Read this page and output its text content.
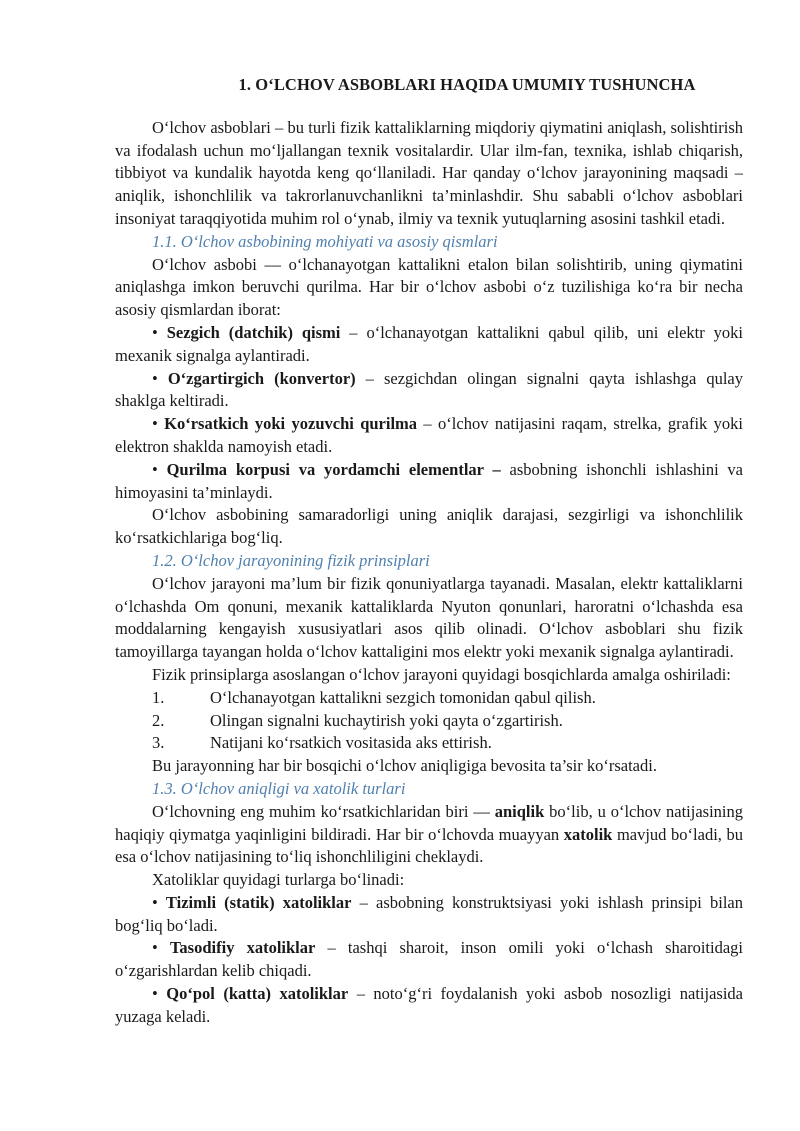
1. O‘LCHOV ASBOBLARI HAQIDA UMUMIY TUSHUNCHA

O‘lchov asboblari – bu turli fizik kattaliklarning miqdoriy qiymatini aniqlash, solishtirish va ifodalash uchun mo‘ljallangan texnik vositalardir. Ular ilm-fan, texnika, ishlab chiqarish, tibbiyot va kundalik hayotda keng qo‘llaniladi. Har qanday o‘lchov jarayonining maqsadi – aniqlik, ishonchlilik va takrorlanuvchanlikni ta’minlashdir. Shu sababli o‘lchov asboblari insoniyat taraqqiyotida muhim rol o‘ynab, ilmiy va texnik yutuqlarning asosini tashkil etadi.

1.1. O‘lchov asbobining mohiyati va asosiy qismlari

O‘lchov asbobi — o‘lchanayotgan kattalikni etalon bilan solishtirib, uning qiymatini aniqlashga imkon beruvchi qurilma. Har bir o‘lchov asbobi o‘z tuzilishiga ko‘ra bir necha asosiy qismlardan iborat:

• Sezgich (datchik) qismi – o‘lchanayotgan kattalikni qabul qilib, uni elektr yoki mexanik signalga aylantiradi.

• O‘zgartirgich (konvertor) – sezgichdan olingan signalni qayta ishlashga qulay shaklga keltiradi.

• Ko‘rsatkich yoki yozuvchi qurilma – o‘lchov natijasini raqam, strelka, grafik yoki elektron shaklda namoyish etadi.

• Qurilma korpusi va yordamchi elementlar – asbobning ishonchli ishlashini va himoyasini ta’minlaydi.

O‘lchov asbobining samaradorligi uning aniqlik darajasi, sezgirligi va ishonchlilik ko‘rsatkichlariga bog‘liq.

1.2. O‘lchov jarayonining fizik prinsiplari

O‘lchov jarayoni ma’lum bir fizik qonuniyatlarga tayanadi. Masalan, elektr kattaliklarni o‘lchashda Om qonuni, mexanik kattaliklarda Nyuton qonunlari, haroratni o‘lchashda esa moddalarning kengayish xususiyatlari asos qilib olinadi. O‘lchov asboblari shu fizik tamoyillarga tayangan holda o‘lchov kattaligini mos elektr yoki mexanik signalga aylantiradi.

Fizik prinsiplarga asoslangan o‘lchov jarayoni quyidagi bosqichlarda amalga oshiriladi:

1.	O‘lchanayotgan kattalikni sezgich tomonidan qabul qilish.
2.	Olingan signalni kuchaytirish yoki qayta o‘zgartirish.
3.	Natijani ko‘rsatkich vositasida aks ettirish.

Bu jarayonning har bir bosqichi o‘lchov aniqligiga bevosita ta’sir ko‘rsatadi.

1.3. O‘lchov aniqligi va xatolik turlari

O‘lchovning eng muhim ko‘rsatkichlaridan biri — aniqlik bo‘lib, u o‘lchov natijasining haqiqiy qiymatga yaqinligini bildiradi. Har bir o‘lchovda muayyan xatolik mavjud bo‘ladi, bu esa o‘lchov natijasining to‘liq ishonchliligini cheklaydi.

Xatoliklar quyidagi turlarga bo‘linadi:

• Tizimli (statik) xatoliklar – asbobning konstruktsiyasi yoki ishlash prinsipi bilan bog‘liq bo‘ladi.

• Tasodifiy xatoliklar – tashqi sharoit, inson omili yoki o‘lchash sharoitidagi o‘zgarishlardan kelib chiqadi.

• Qo‘pol (katta) xatoliklar – noto‘g‘ri foydalanish yoki asbob nosozligi natijasida yuzaga keladi.
